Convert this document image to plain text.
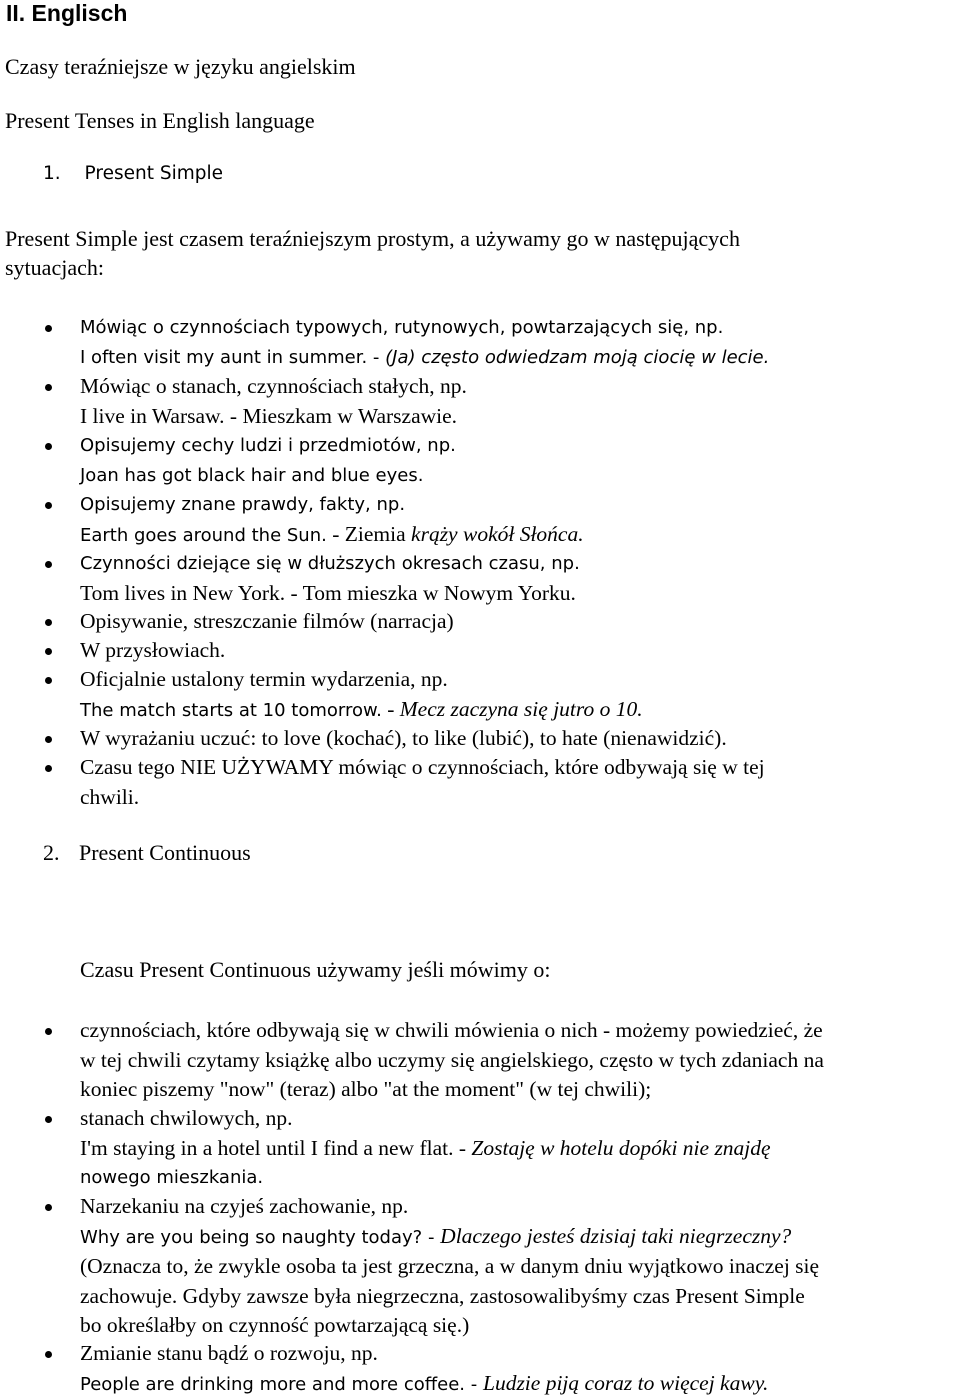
II. Englisch
Czasy teraźniejsze w języku angielskim
Present Tenses in English language
1. Present Simple
Present Simple jest czasem teraźniejszym prostym, a używamy go w następujących
sytuacjach:
Mówiąc o czynnościach typowych, rutynowych, powtarzających się, np.
I often visit my aunt in summer. - (Ja) często odwiedzam moją ciocię w lecie.
Mówiąc o stanach, czynnościach stałych, np.
I live in Warsaw. - Mieszkam w Warszawie.
Opisujemy cechy ludzi i przedmiotów, np.
Joan has got black hair and blue eyes.
Opisujemy znane prawdy, fakty, np.
Earth goes around the Sun. - Ziemia krąży wokół Słońca.
Czynności dziejące się w dłuższych okresach czasu, np.
Tom lives in New York. - Tom mieszka w Nowym Yorku.
Opisywanie, streszczanie filmów (narracja)
W przysłowiach.
Oficjalnie ustalony termin wydarzenia, np.
The match starts at 10 tomorrow. - Mecz zaczyna się jutro o 10.
W wyrażaniu uczuć: to love (kochać), to like (lubić), to hate (nienawidzić).
Czasu tego NIE UŻYWAMY mówiąc o czynnościach, które odbywają się w tej
chwili.
2. Present Continuous
Czasu Present Continuous używamy jeśli mówimy o:
czynnościach, które odbywają się w chwili mówienia o nich - możemy powiedzieć, że
w tej chwili czytamy książkę albo uczymy się angielskiego, często w tych zdaniach na
koniec piszemy "now" (teraz) albo "at the moment" (w tej chwili);
stanach chwilowych, np.
I'm staying in a hotel until I find a new flat. - Zostaję w hotelu dopóki nie znajdę
nowego mieszkania.
Narzekaniu na czyjeś zachowanie, np.
Why are you being so naughty today? - Dlaczego jesteś dzisiaj taki niegrzeczny?
(Oznacza to, że zwykle osoba ta jest grzeczna, a w danym dniu wyjątkowo inaczej się
zachowuje. Gdyby zawsze była niegrzeczna, zastosowalibyśmy czas Present Simple
bo określałby on czynność powtarzającą się.)
Zmianie stanu bądź o rozwoju, np.
People are drinking more and more coffee. - Ludzie piją coraz to więcej kawy.
